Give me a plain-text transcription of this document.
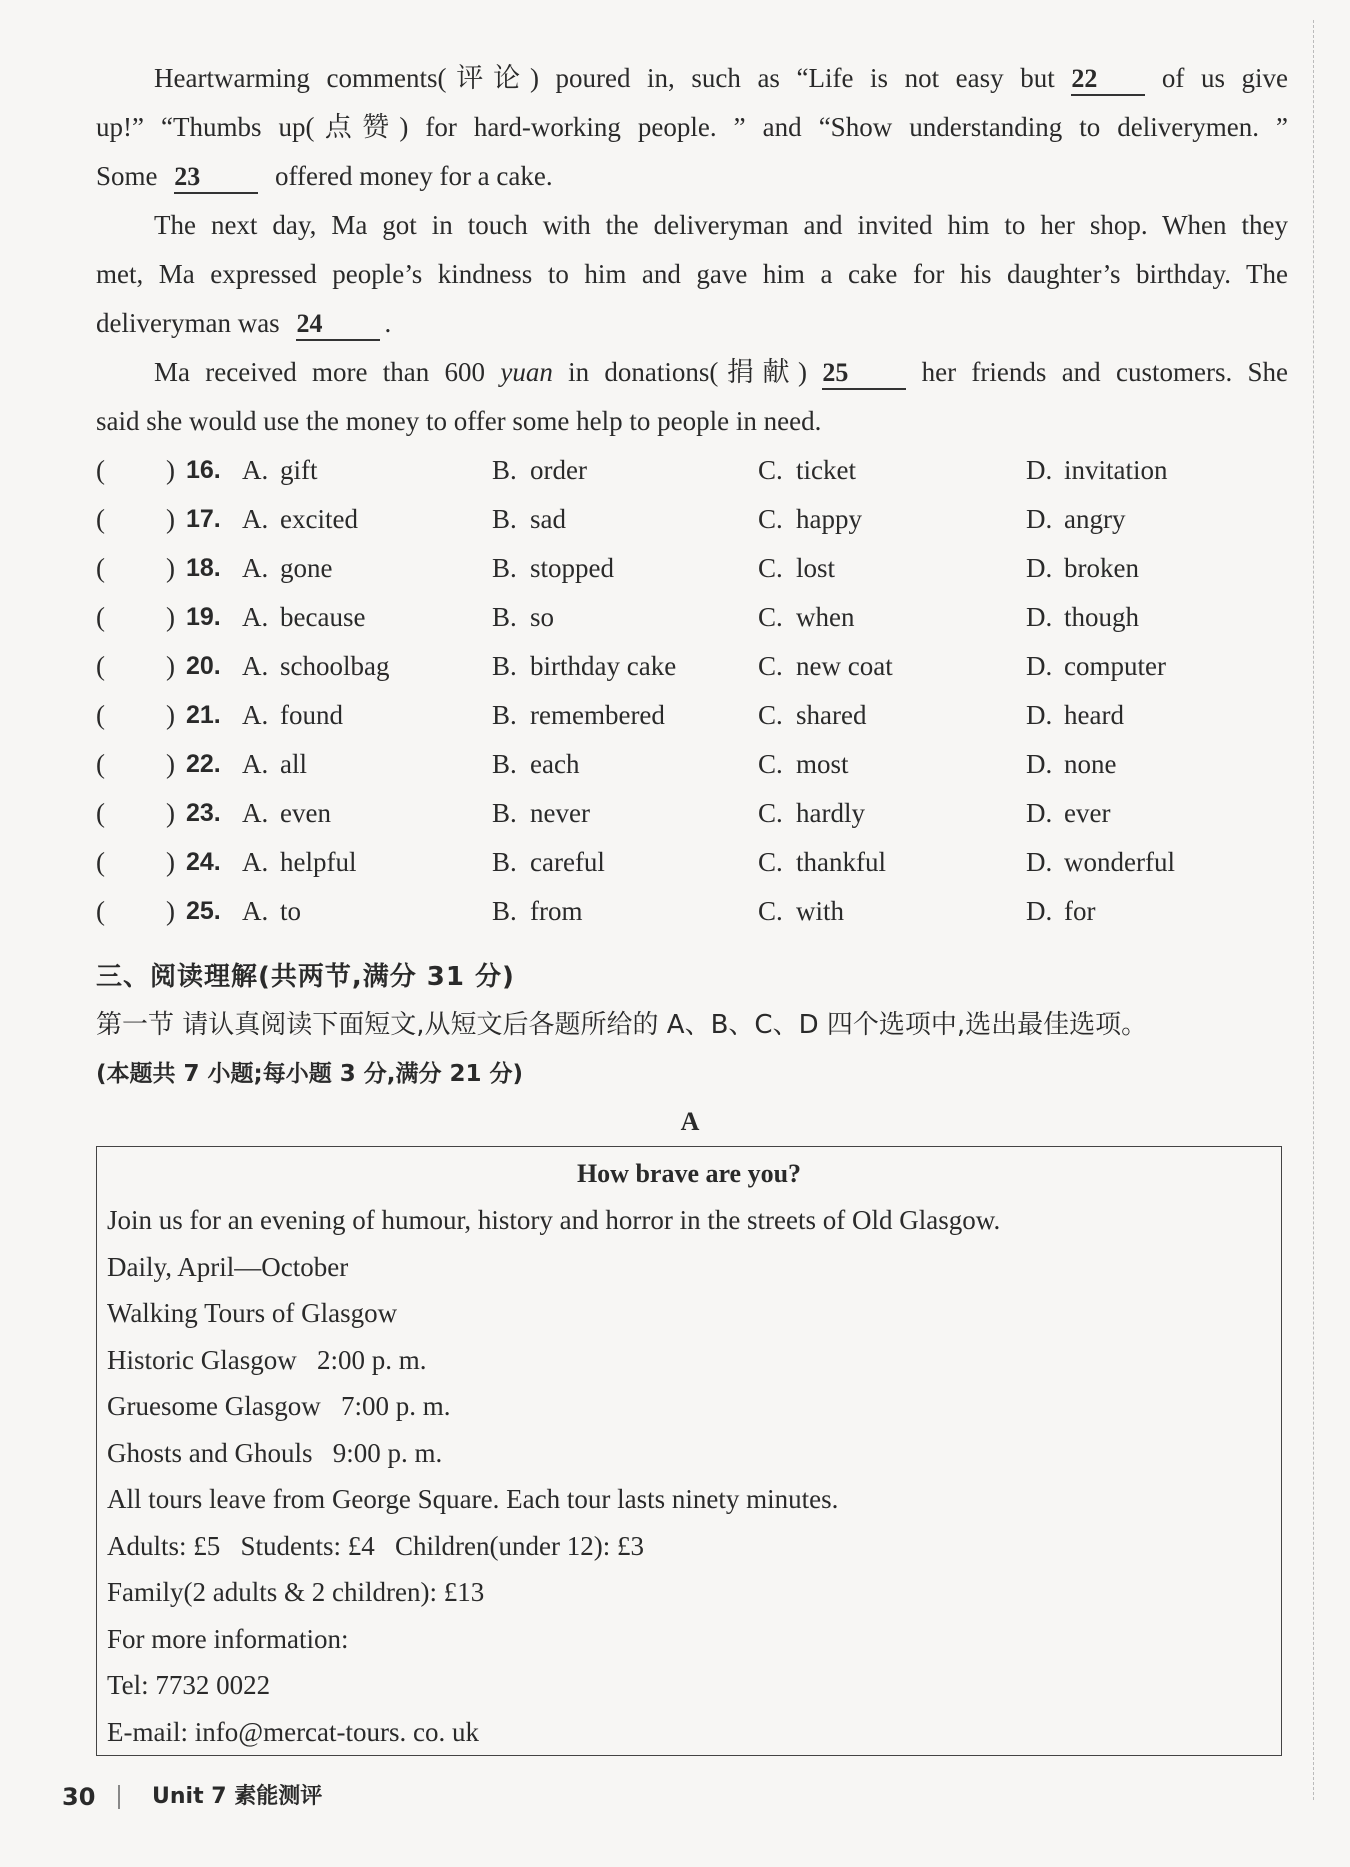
Heartwarming comments(评论) poured in, such as “Life is not easy but 22 of us give
up!” “Thumbs up(点赞) for hard-working people. ” and “Show understanding to deliverymen. ”
Some 23	offered money for a cake.
The next day, Ma got in touch with the deliveryman and invited him to her shop. When they
met, Ma expressed people’s kindness to him and gave him a cake for his daughter’s birthday. The
deliveryman was 24 .
Ma received more than 600 yuan in donations(捐献) 25	her friends and customers. She
said she would use the money to offer some help to people in need.
( ) 16. A. gift	B. order	C. ticket	D. invitation
( ) 17. A. excited	B. sad	C. happy	D. angry
( ) 18. A. gone	B. stopped	C. lost	D. broken
( ) 19. A. because	B. so	C. when	D. though
( ) 20. A. schoolbag	B. birthday cake	C. new coat	D. computer
( ) 21. A. found	B. remembered	C. shared	D. heard
( ) 22. A. all	B. each	C. most	D. none
( ) 23. A. even	B. never	C. hardly	D. ever
( ) 24. A. helpful	B. careful	C. thankful	D. wonderful
( ) 25. A. to	B. from	C. with	D. for
三、阅读理解(共两节,满分 31 分)
第一节 请认真阅读下面短文,从短文后各题所给的 A、B、C、D 四个选项中,选出最佳选项。
(本题共 7 小题;每小题 3 分,满分 21 分)
A
How brave are you?
Join us for an evening of humour, history and horror in the streets of Old Glasgow.
Daily, April—October
Walking Tours of Glasgow
Historic Glasgow   2:00 p. m.
Gruesome Glasgow   7:00 p. m.
Ghosts and Ghouls   9:00 p. m.
All tours leave from George Square. Each tour lasts ninety minutes.
Adults: £5   Students: £4   Children(under 12): £3
Family(2 adults & 2 children): £13
For more information:
Tel: 7732 0022
E-mail: info@mercat-tours. co. uk
30	Unit 7 素能测评
